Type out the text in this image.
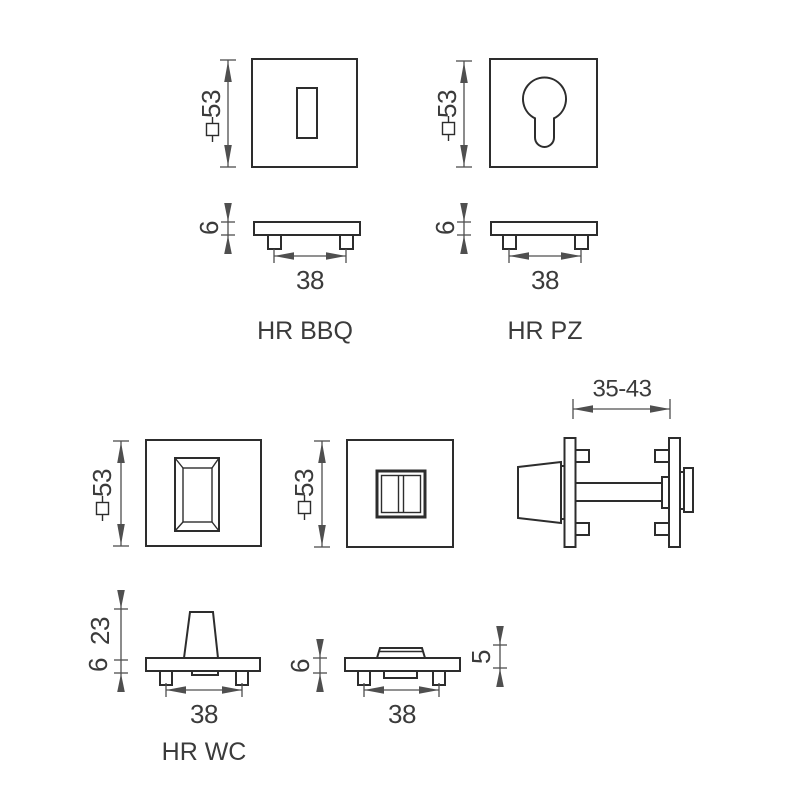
53
6
38
HR BBQ
53
6
38
HR PZ
53	53
35-43
23
6
38
HR WC
6
38
5
